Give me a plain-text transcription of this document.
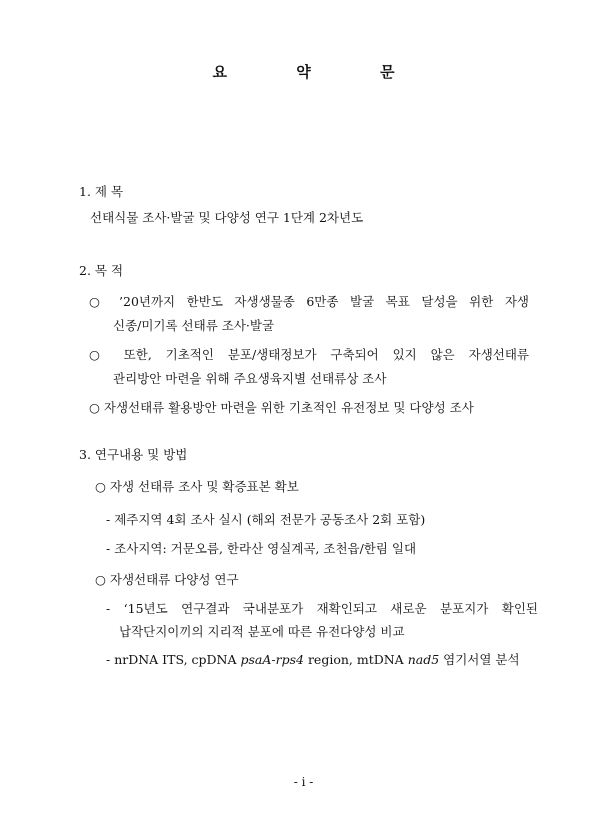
요 약 문
1. 제 목
선태식물 조사·발굴 및 다양성 연구 1단계 2차년도
2. 목 적
○ ’20년까지 한반도 자생생물종 6만종 발굴 목표 달성을 위한 자생
신종/미기록 선태류 조사·발굴
○ 또한, 기초적인 분포/생태정보가 구축되어 있지 않은 자생선태류
관리방안 마련을 위해 주요생육지별 선태류상 조사
○ 자생선태류 활용방안 마련을 위한 기초적인 유전정보 및 다양성 조사
3. 연구내용 및 방법
○ 자생 선태류 조사 및 확증표본 확보
- 제주지역 4회 조사 실시 (해외 전문가 공동조사 2회 포함)
- 조사지역: 거문오름, 한라산 영실계곡, 조천읍/한림 일대
○ 자생선태류 다양성 연구
- ‘15년도 연구결과 국내분포가 재확인되고 새로운 분포지가 확인된
납작단지이끼의 지리적 분포에 따른 유전다양성 비교
- nrDNA ITS, cpDNA psaA-rps4 region, mtDNA nad5 염기서열 분석
- i -
